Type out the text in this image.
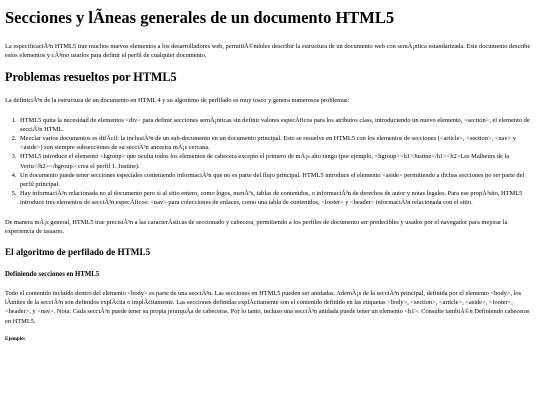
Secciones y lÃneas generales de un documento HTML5

La especificaciÃ³n HTML5 trae muchos nuevos elementos a los desarrolladores web, permitiÃ©ndoles describir la estructura de un documento web con semÃ¡ntica estandarizada. Este documento describe estos elementos y cÃ³mo usarlos para definir el perfil de cualquier documento.

Problemas resueltos por HTML5

La definiciÃ³n de la estructura de un documento en HTML 4 y su algoritmo de perfilado es muy tosco y genera numerosos problemas:

1. HTML5 quita la necesidad de elementos <div> para definir secciones semÃ¡nticas sin definir valores especÃficos para los atributos class, introduciendo un nuevo elemento, <section>, el elemento de secciÃ³n HTML.
2. Mezclar varios documentos es difÃcil: la inclusiÃ³n de un sub-documento en un documento principal. Esto se resuelve en HTML5 con los elementos de secciones (<article>, <section>, <nav> y <aside>) son siempre subsecciones de su secciÃ³n ancestra mÃ¡s cercana.
3. HTML5 introduce el elemento <hgroup> que oculta todos los elementos de cabecera excepto el primero de mÃ¡s alto rango (por ejemplo, <hgroup><h1>Justine</h1><h2>Les Malheurs de la Vertu</h2></hgroup> crea el perfil 1. Justine).
4. Un documento puede tener secciones especiales conteniendo informaciÃ³n que no es parte del flujo principal. HTML5 introduce el elemento <aside> permitiendo a dichas secciones no ser parte del perfil principal.
5. Hay informaciÃ³n relacionada no al documento pero si al sitio entero, como logos, menÃºs, tablas de contenidos, o informaciÃ³n de derechos de autor y notas legales. Para ese propÃ³sito, HTML5 introduce tres elementos de secciÃ³n especÃficos: <nav> para colecciones de enlaces, como una tabla de contenidos, <footer> y <header> informaciÃ³n relacionada con el sitio.

De manera mÃ¡s general, HTML5 trae precisiÃ³n a las caracterÃsticas de seccionado y cabecera, permitiendo a los perfiles de documento ser predecibles y usados por el navegador para mejorar la experiencia de usuario.

El algoritmo de perfilado de HTML5
Definiendo secciones en HTML5

Todo el contenido incluido dentro del elemento <body> es parte de una secciÃ³n. Las secciones en HTML5 pueden ser anidadas. AdemÃ¡s de la secciÃ³n principal, definida por el elemento <body>, los lÃmites de la secciÃ³n son definidos explÃcita o implÃcitamente. Las secciones definidas explÃcitamente son el contenido definido en las etiquetas <body>, <section>, <article>, <aside>, <footer>, <header>, y <nav>. Nota: Cada secciÃ³n puede tener su propia jerarquÃa de cabeceras. Por lo tanto, incluso una secciÃ³n anidada puede tener un elemento <h1>. Consulte tambiÃ©n Definiendo cabeceras en HTML5.

Ejemplo:
